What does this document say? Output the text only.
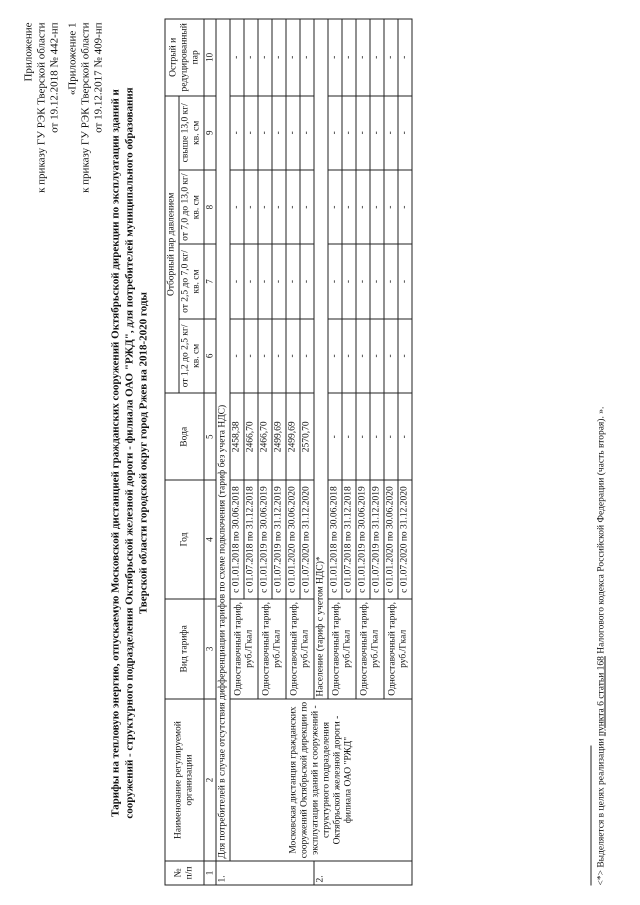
Приложение к приказу ГУ РЭК Тверской области от 19.12.2018 № 442-нп «Приложение 1 к приказу ГУ РЭК Тверской области от 19.12.2017 № 409-нп
Тарифы на тепловую энергию, отпускаемую Московской дистанцией гражданских сооружений Октябрьской дирекции по эксплуатации зданий и сооружений - структурного подразделения Октябрьской железной дороги - филиала ОАО "РЖД", для потребителей муниципального образования Тверской области городской округ город Ржев на 2018-2020 годы
№ п/п	Наименование регулируемой организации	Вид тарифа	Год	Вода	Отборный пар давлением				Острый и редуцированный пар
					от 1,2 до 2,5 кг/кв. см	от 2,5 до 7,0 кг/кв. см	от 7,0 до 13,0 кг/кв. см	свыше 13,0 кг/кв. см	
1	2	3	4	5	6	7	8	9	10
1.	Для потребителей в случае отсутствия дифференциации тарифов по схеме подключения (тариф без учета НДС)								
	Московская дистанция гражданских сооружений Октябрьской дирекции по эксплуатации зданий и сооружений - структурного подразделения Октябрьской железной дороги - филиала ОАО "РЖД"	Одноставочный тариф, руб./Гкал	с 01.01.2018 по 30.06.2018	2458,38	-	-	-	-	-
			с 01.07.2018 по 31.12.2018	2466,70	-	-	-	-	-
		Одноставочный тариф, руб./Гкал	с 01.01.2019 по 30.06.2019	2466,70	-	-	-	-	-
			с 01.07.2019 по 31.12.2019	2499,69	-	-	-	-	-
		Одноставочный тариф, руб./Гкал	с 01.01.2020 по 30.06.2020	2499,69	-	-	-	-	-
			с 01.07.2020 по 31.12.2020	2570,70	-	-	-	-	-
2.		Население (тариф с учетом НДС)*							
		Одноставочный тариф, руб./Гкал	с 01.01.2018 по 30.06.2018	-	-	-	-	-	-
			с 01.07.2018 по 31.12.2018	-	-	-	-	-	-
		Одноставочный тариф, руб./Гкал	с 01.01.2019 по 30.06.2019	-	-	-	-	-	-
			с 01.07.2019 по 31.12.2019	-	-	-	-	-	-
		Одноставочный тариф, руб./Гкал	с 01.01.2020 по 30.06.2020	-	-	-	-	-	-
			с 01.07.2020 по 31.12.2020	-	-	-	-	-	-
<*> Выделяется в целях реализации пункта 6 статьи 168 Налогового кодекса Российской Федерации (часть вторая). ».
